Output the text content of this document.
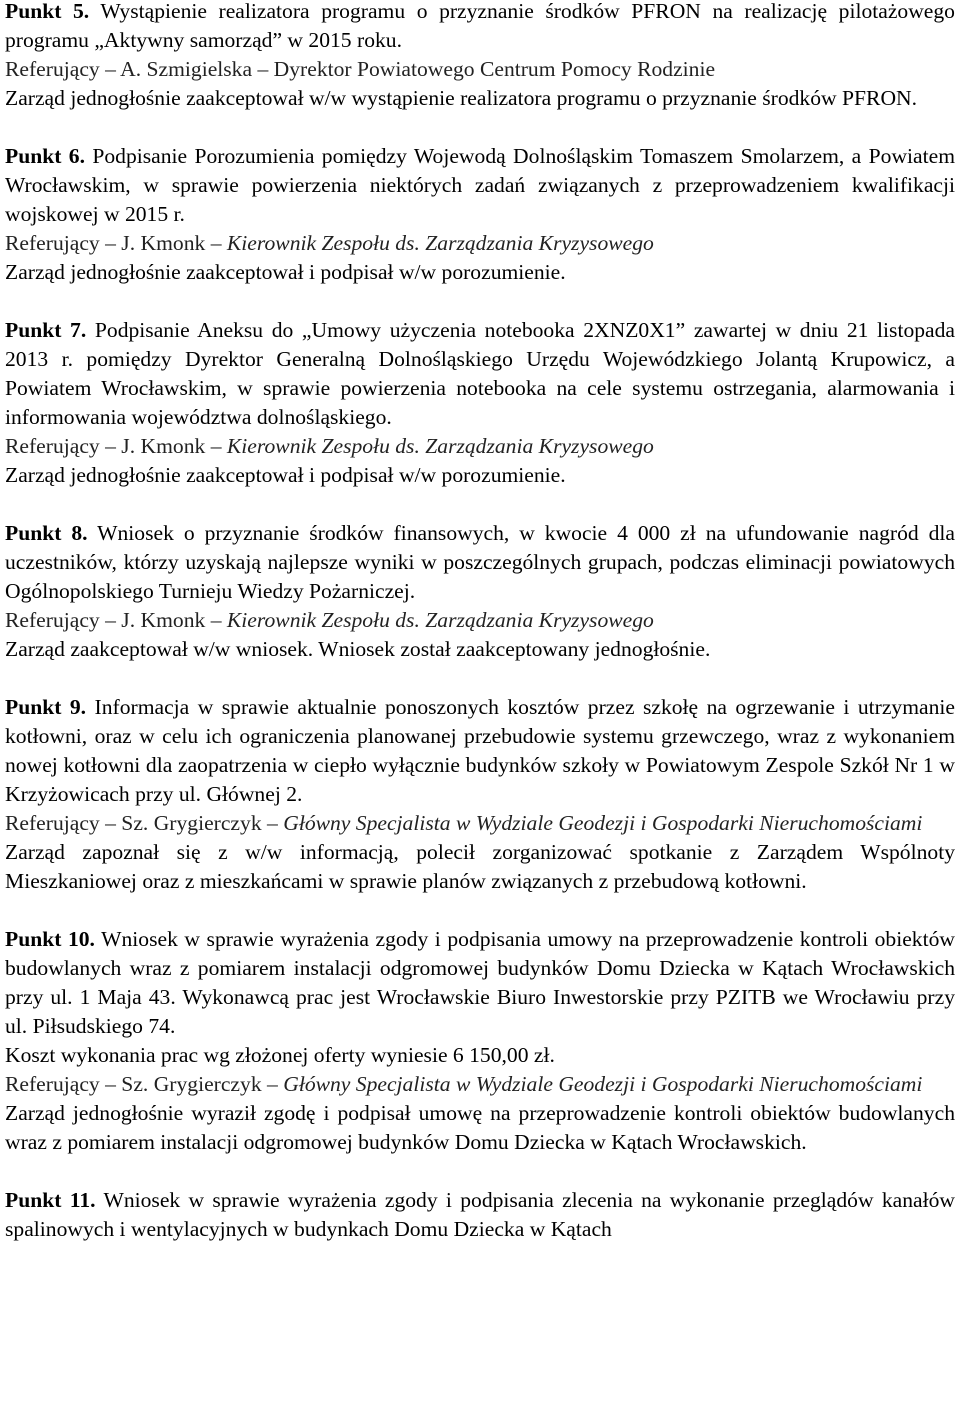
Punkt 5. Wystąpienie realizatora programu o przyznanie środków PFRON na realizację pilotażowego programu „Aktywny samorząd” w 2015 roku.

Referujący – A. Szmigielska – Dyrektor Powiatowego Centrum Pomocy Rodzinie

Zarząd jednogłośnie zaakceptował w/w wystąpienie realizatora programu o przyznanie środków PFRON.

Punkt 6. Podpisanie Porozumienia pomiędzy Wojewodą Dolnośląskim Tomaszem Smolarzem, a Powiatem Wrocławskim, w sprawie powierzenia niektórych zadań związanych z przeprowadzeniem kwalifikacji wojskowej w 2015 r.

Referujący – J. Kmonk – Kierownik Zespołu ds. Zarządzania Kryzysowego

Zarząd jednogłośnie zaakceptował i podpisał w/w porozumienie.

Punkt 7. Podpisanie Aneksu do „Umowy użyczenia notebooka 2XNZ0X1” zawartej w dniu 21 listopada 2013 r. pomiędzy Dyrektor Generalną Dolnośląskiego Urzędu Wojewódzkiego Jolantą Krupowicz, a Powiatem Wrocławskim, w sprawie powierzenia notebooka na cele systemu ostrzegania, alarmowania i informowania województwa dolnośląskiego.

Referujący – J. Kmonk – Kierownik Zespołu ds. Zarządzania Kryzysowego

Zarząd jednogłośnie zaakceptował i podpisał w/w porozumienie.

Punkt 8. Wniosek o przyznanie środków finansowych, w kwocie 4 000 zł na ufundowanie nagród dla uczestników, którzy uzyskają najlepsze wyniki w poszczególnych grupach, podczas eliminacji powiatowych Ogólnopolskiego Turnieju Wiedzy Pożarniczej.

Referujący – J. Kmonk – Kierownik Zespołu ds. Zarządzania Kryzysowego

Zarząd zaakceptował w/w wniosek. Wniosek został zaakceptowany jednogłośnie.

Punkt 9. Informacja w sprawie aktualnie ponoszonych kosztów przez szkołę na ogrzewanie i utrzymanie kotłowni, oraz w celu ich ograniczenia planowanej przebudowie systemu grzewczego, wraz z wykonaniem nowej kotłowni dla zaopatrzenia w ciepło wyłącznie budynków szkoły w Powiatowym Zespole Szkół Nr 1 w Krzyżowicach przy ul. Głównej 2.

Referujący – Sz. Grygierczyk – Główny Specjalista w Wydziale Geodezji i Gospodarki Nieruchomościami

Zarząd zapoznał się z w/w informacją, polecił zorganizować spotkanie z Zarządem Wspólnoty Mieszkaniowej oraz z mieszkańcami w sprawie planów związanych z przebudową kotłowni.

Punkt 10. Wniosek w sprawie wyrażenia zgody i podpisania umowy na przeprowadzenie kontroli obiektów budowlanych wraz z pomiarem instalacji odgromowej budynków Domu Dziecka w Kątach Wrocławskich przy ul. 1 Maja 43. Wykonawcą prac jest Wrocławskie Biuro Inwestorskie przy PZITB we Wrocławiu przy ul. Piłsudskiego 74.

Koszt wykonania prac wg złożonej oferty wyniesie 6 150,00 zł.

Referujący – Sz. Grygierczyk – Główny Specjalista w Wydziale Geodezji i Gospodarki Nieruchomościami

Zarząd jednogłośnie wyraził zgodę i podpisał umowę na przeprowadzenie kontroli obiektów budowlanych wraz z pomiarem instalacji odgromowej budynków Domu Dziecka w Kątach Wrocławskich.

Punkt 11. Wniosek w sprawie wyrażenia zgody i podpisania zlecenia na wykonanie przeglądów kanałów spalinowych i wentylacyjnych w budynkach Domu Dziecka w Kątach
